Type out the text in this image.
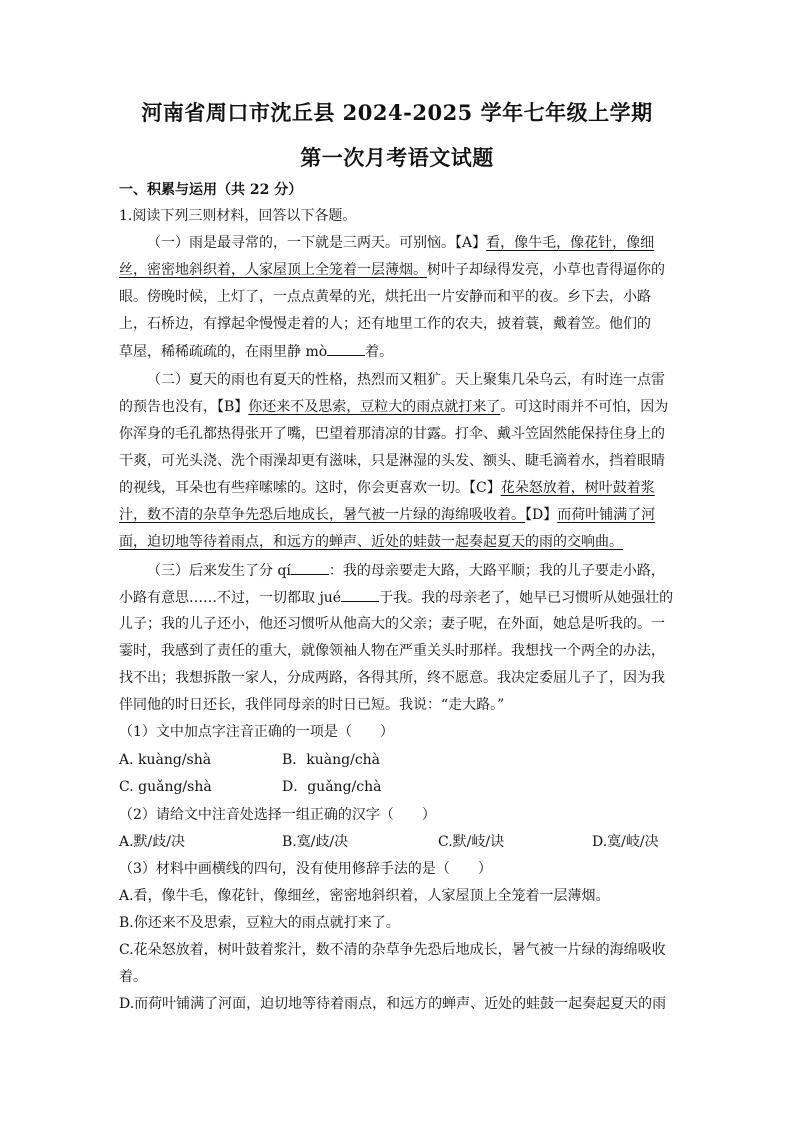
河南省周口市沈丘县 2024-2025 学年七年级上学期
第一次月考语文试题
一、积累与运用（共 22 分）
1.阅读下列三则材料，回答以下各题。
（一）雨是最寻常的，一下就是三两天。可别恼。【A】看，像牛毛，像花针，像细
丝，密密地斜织着，人家屋顶上全笼着一层薄烟。树叶子却绿得发亮，小草也青得逼你的
眼。傍晚时候，上灯了，一点点黄晕的光，烘托出一片安静而和平的夜。乡下去，小路
上，石桥边，有撑起伞慢慢走着的人；还有地里工作的农夫，披着蓑，戴着笠。他们的
草屋，稀稀疏疏的，在雨里静 mò	着。
（二）夏天的雨也有夏天的性格，热烈而又粗犷。天上聚集几朵乌云，有时连一点雷
的预告也没有，【B】你还来不及思索，豆粒大的雨点就打来了。可这时雨并不可怕，因为
你浑身的毛孔都热得张开了嘴，巴望着那清凉的甘露。打伞、戴斗笠固然能保持住身上的
干爽，可光头浇、洗个雨澡却更有滋味，只是淋湿的头发、额头、睫毛滴着水，挡着眼睛
的视线，耳朵也有些痒嗦嗦的。这时，你会更喜欢一切。【C】花朵怒放着，树叶鼓着浆
汁，数不清的杂草争先恐后地成长，暑气被一片绿的海绵吸收着。【D】而荷叶铺满了河
面，迫切地等待着雨点，和远方的蝉声、近处的蛙鼓一起奏起夏天的雨的交响曲。
（三）后来发生了分 qí	：我的母亲要走大路，大路平顺；我的儿子要走小路，
小路有意思……不过，一切都取 jué	于我。我的母亲老了，她早已习惯听从她强壮的
儿子；我的儿子还小，他还习惯听从他高大的父亲；妻子呢，在外面，她总是听我的。一
霎时，我感到了责任的重大，就像领袖人物在严重关头时那样。我想找一个两全的办法，
找不出；我想拆散一家人，分成两路，各得其所，终不愿意。我决定委屈儿子了，因为我
伴同他的时日还长，我伴同母亲的时日已短。我说：“走大路。”
（1）文中加点字注音正确的一项是（　　）
A. kuàng/shà	B．kuàng/chà
C. guǎng/shà	D．guǎng/chà
（2）请给文中注音处选择一组正确的汉字（　　）
A.默/歧/决	B.寞/歧/决	C.默/岐/诀	D.寞/岐/决
（3）材料中画横线的四句，没有使用修辞手法的是（　　）
A.看，像牛毛，像花针，像细丝，密密地斜织着，人家屋顶上全笼着一层薄烟。
B.你还来不及思索，豆粒大的雨点就打来了。
C.花朵怒放着，树叶鼓着浆汁，数不清的杂草争先恐后地成长，暑气被一片绿的海绵吸收
着。
D.而荷叶铺满了河面，迫切地等待着雨点，和远方的蝉声、近处的蛙鼓一起奏起夏天的雨
